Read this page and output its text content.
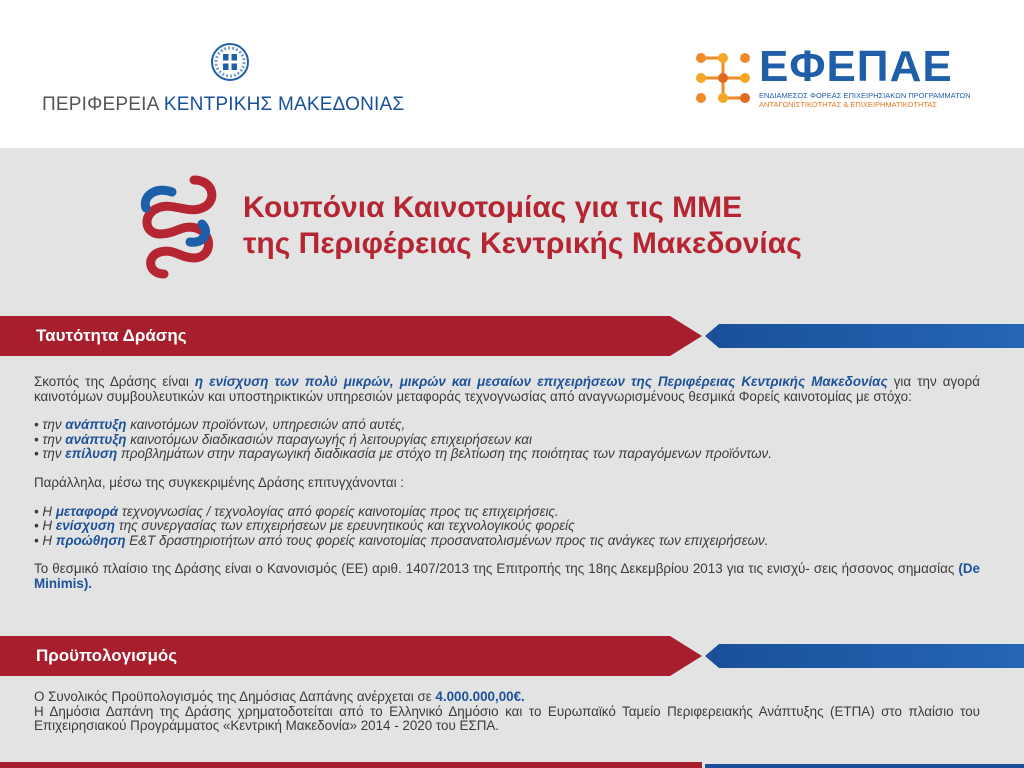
ΠΕΡΙΦΕΡΕΙΑ ΚΕΝΤΡΙΚΗΣ ΜΑΚΕΔΟΝΙΑΣ
ΕΦΕΠΑΕ
ΕΝΔΙΑΜΕΣΟΣ ΦΟΡΕΑΣ ΕΠΙΧΕΙΡΗΣΙΑΚΩΝ ΠΡΟΓΡΑΜΜΑΤΩΝ
ΑΝΤΑΓΩΝΙΣΤΙΚΟΤΗΤΑΣ & ΕΠΙΧΕΙΡΗΜΑΤΙΚΟΤΗΤΑΣ
Κουπόνια Καινοτομίας για τις ΜΜΕ
της Περιφέρειας Κεντρικής Μακεδονίας
Ταυτότητα Δράσης

Σκοπός της Δράσης είναι η ενίσχυση των πολύ μικρών, μικρών και μεσαίων επιχειρήσεων της Περιφέρειας Κεντρικής Μακεδονίας για την αγορά καινοτόμων συμβουλευτικών και υποστηρικτικών υπηρεσιών μεταφοράς τεχνογνωσίας από αναγνωρισμένους θεσμικά Φορείς καινοτομίας με στόχο:

• την ανάπτυξη καινοτόμων προϊόντων, υπηρεσιών από αυτές,

• την ανάπτυξη καινοτόμων διαδικασιών παραγωγής ή λειτουργίας επιχειρήσεων και

• την επίλυση προβλημάτων στην παραγωγική διαδικασία με στόχο τη βελτίωση της ποιότητας των παραγόμενων προϊόντων.

Παράλληλα, μέσω της συγκεκριμένης Δράσης επιτυγχάνονται :

• Η μεταφορά τεχνογνωσίας / τεχνολογίας από φορείς καινοτομίας προς τις επιχειρήσεις.

• Η ενίσχυση της συνεργασίας των επιχειρήσεων με ερευνητικούς και τεχνολογικούς φορείς

• Η προώθηση Ε&Τ δραστηριοτήτων από τους φορείς καινοτομίας προσανατολισμένων προς τις ανάγκες των επιχειρήσεων.

Το θεσμικό πλαίσιο της Δράσης είναι ο Κανονισμός (ΕΕ) αριθ. 1407/2013 της Επιτροπής της 18ης Δεκεμβρίου 2013 για τις ενισχύ- σεις ήσσονος σημασίας (De Minimis).

Προϋπολογισμός

Ο Συνολικός Προϋπολογισμός της Δημόσιας Δαπάνης ανέρχεται σε 4.000.000,00€.

Η Δημόσια Δαπάνη της Δράσης χρηματοδοτείται από το Ελληνικό Δημόσιο και το Ευρωπαϊκό Ταμείο Περιφερειακής Ανάπτυξης (ΕΤΠΑ) στο πλαίσιο του Επιχειρησιακού Προγράμματος «Κεντρική Μακεδονία» 2014 - 2020 του ΕΣΠΑ.
